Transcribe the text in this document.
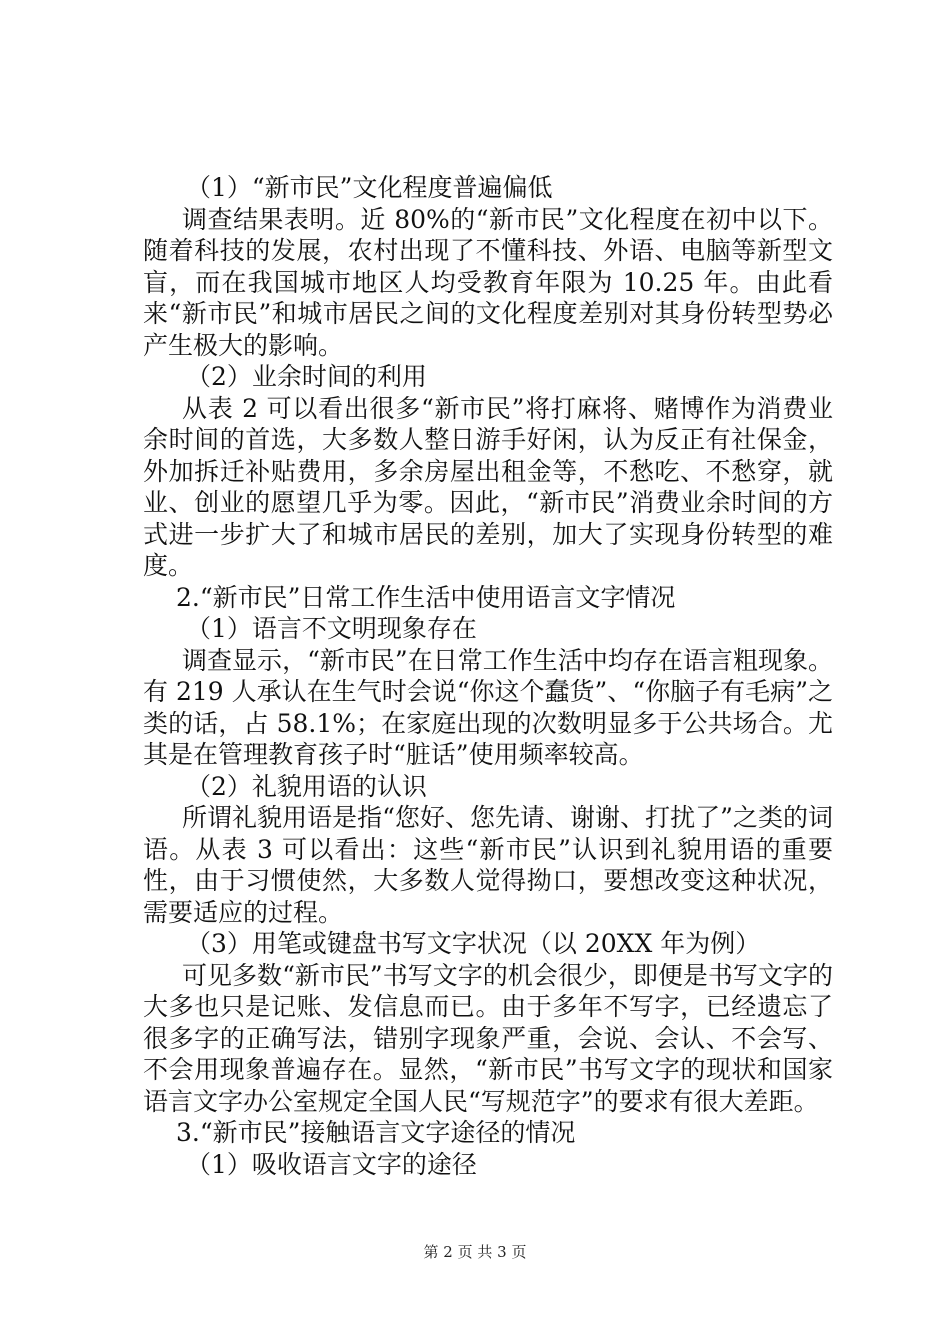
（1）“新市民”文化程度普遍偏低

调查结果表明。近 80%的“新市民”文化程度在初中以下。随着科技的发展，农村出现了不懂科技、外语、电脑等新型文盲，而在我国城市地区人均受教育年限为 10.25 年。由此看来“新市民”和城市居民之间的文化程度差别对其身份转型势必产生极大的影响。

（2）业余时间的利用

从表 2 可以看出很多“新市民”将打麻将、赌博作为消费业余时间的首选，大多数人整日游手好闲，认为反正有社保金，外加拆迁补贴费用，多余房屋出租金等，不愁吃、不愁穿，就业、创业的愿望几乎为零。因此，“新市民”消费业余时间的方式进一步扩大了和城市居民的差别，加大了实现身份转型的难度。

2.“新市民”日常工作生活中使用语言文字情况

（1）语言不文明现象存在

调查显示，“新市民”在日常工作生活中均存在语言粗现象。有 219 人承认在生气时会说“你这个蠢货”、“你脑子有毛病”之类的话，占 58.1%；在家庭出现的次数明显多于公共场合。尤其是在管理教育孩子时“脏话”使用频率较高。

（2）礼貌用语的认识

所谓礼貌用语是指“您好、您先请、谢谢、打扰了”之类的词语。从表 3 可以看出：这些“新市民”认识到礼貌用语的重要性，由于习惯使然，大多数人觉得拗口，要想改变这种状况，需要适应的过程。

（3）用笔或键盘书写文字状况（以 20XX 年为例）

可见多数“新市民”书写文字的机会很少，即便是书写文字的大多也只是记账、发信息而已。由于多年不写字，已经遗忘了很多字的正确写法，错别字现象严重，会说、会认、不会写、不会用现象普遍存在。显然，“新市民”书写文字的现状和国家语言文字办公室规定全国人民“写规范字”的要求有很大差距。

3.“新市民”接触语言文字途径的情况

（1）吸收语言文字的途径

第 2 页 共 3 页
